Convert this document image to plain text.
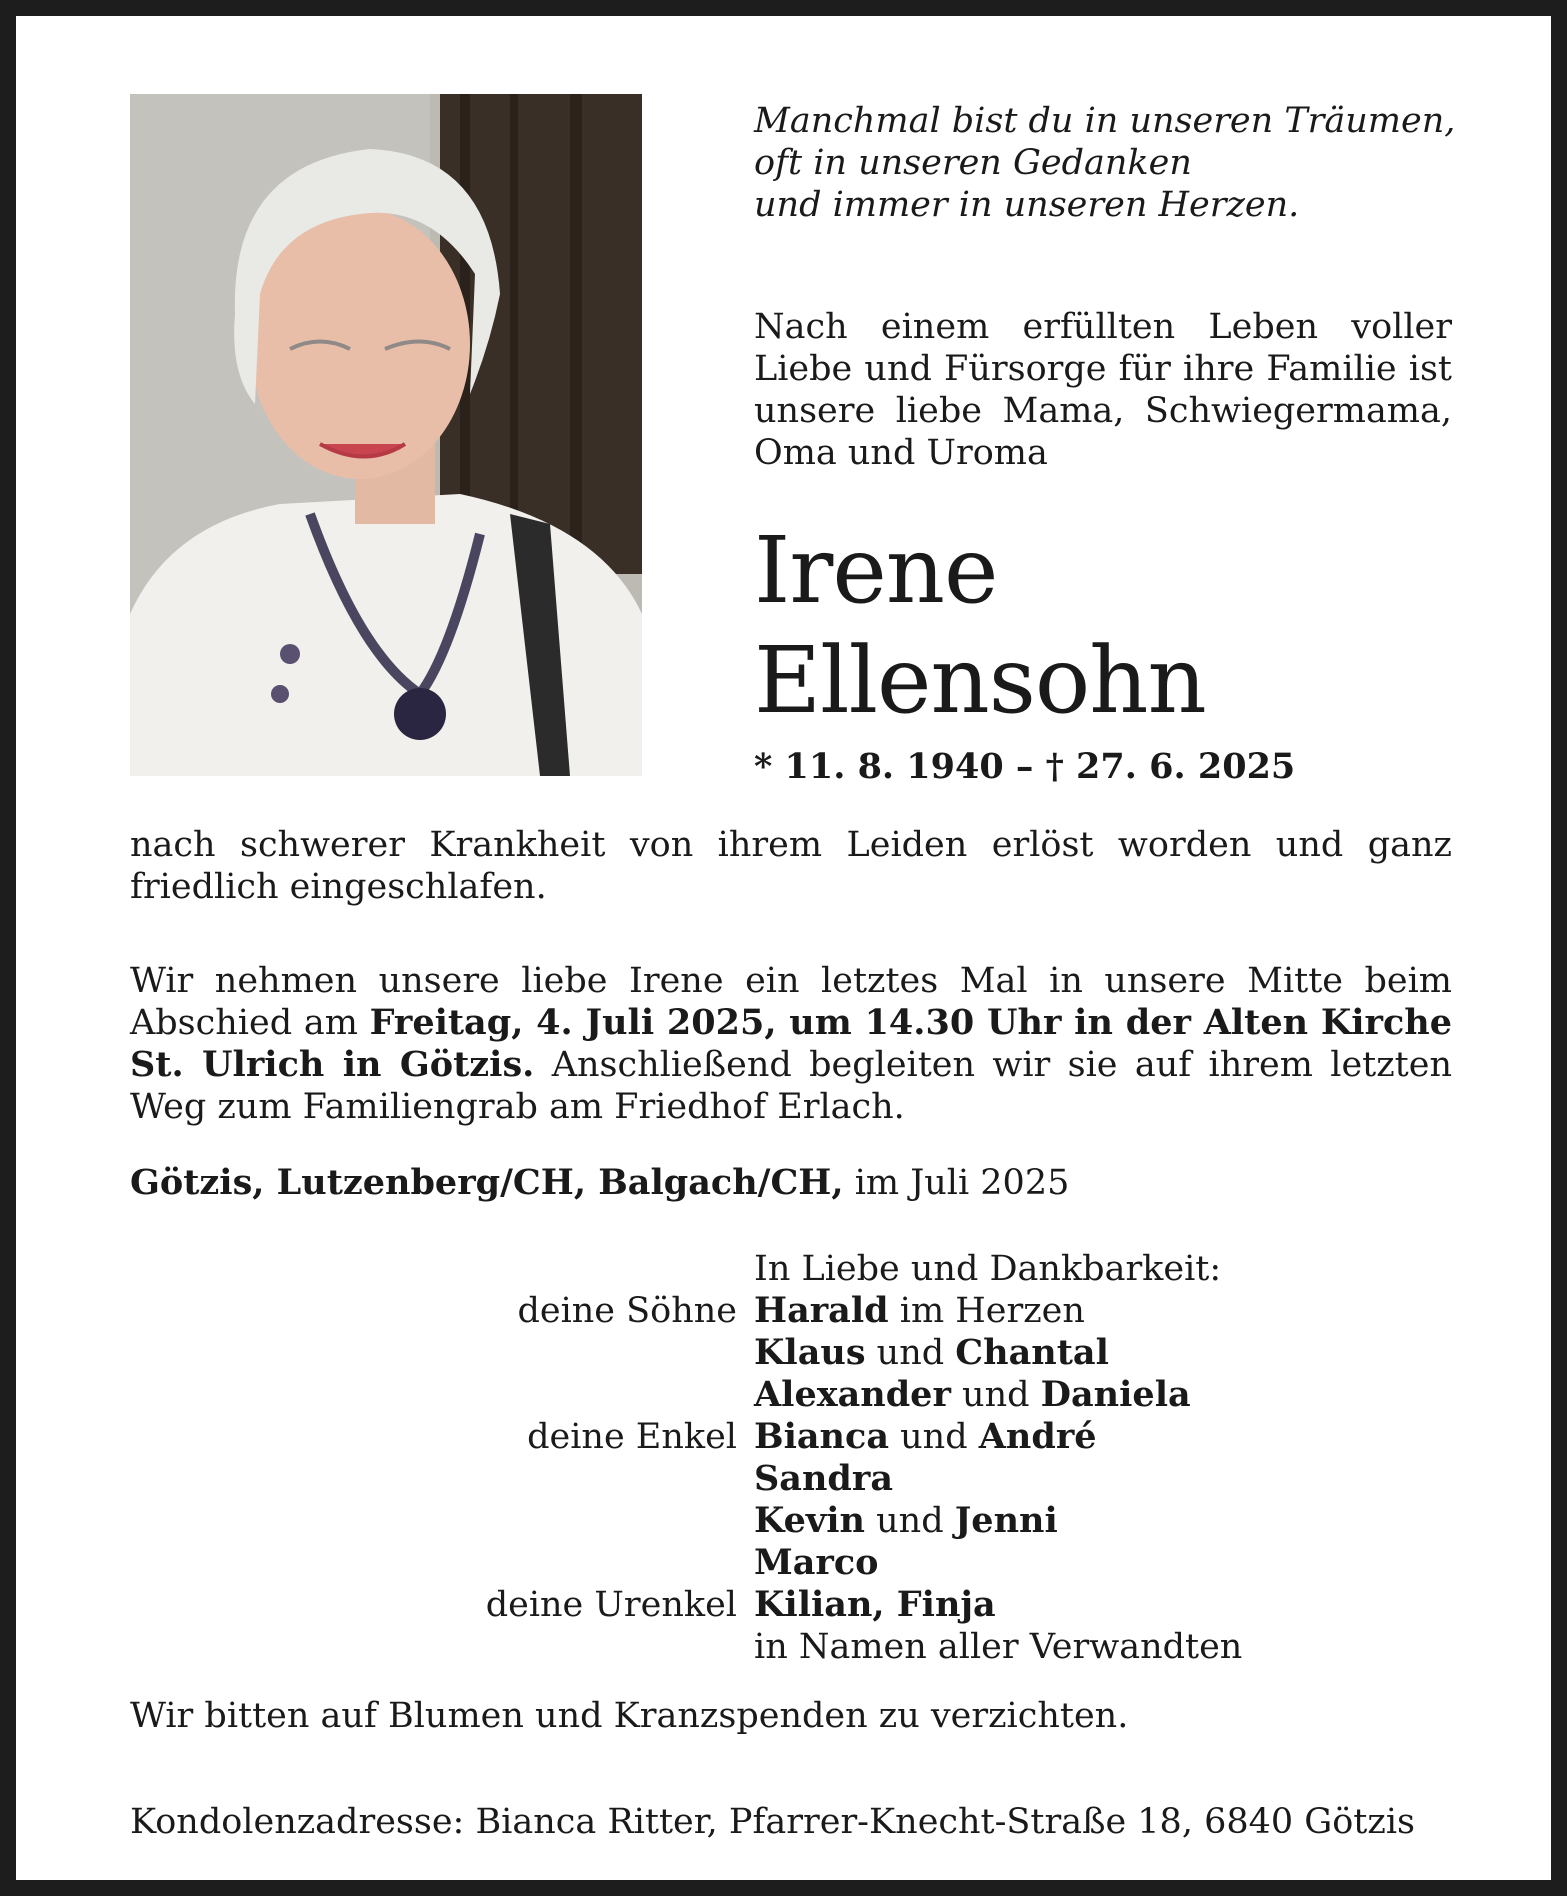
Manchmal bist du in unseren Träumen,
oft in unseren Gedanken
und immer in unseren Herzen.
Nach einem erfüllten Leben voller Liebe und Fürsorge für ihre Familie ist unsere liebe Mama, Schwiegermama, Oma und Uroma
Irene
Ellensohn
* 11. 8. 1940 – † 27. 6. 2025
nach schwerer Krankheit von ihrem Leiden erlöst worden und ganz friedlich eingeschlafen.
Wir nehmen unsere liebe Irene ein letztes Mal in unsere Mitte beim Abschied am Freitag, 4. Juli 2025, um 14.30 Uhr in der Alten Kirche St. Ulrich in Götzis. Anschließend begleiten wir sie auf ihrem letzten Weg zum Familiengrab am Friedhof Erlach.
Götzis, Lutzenberg/CH, Balgach/CH, im Juli 2025
In Liebe und Dankbarkeit:
deine Söhne Harald im Herzen
Klaus und Chantal
Alexander und Daniela
deine Enkel Bianca und André
Sandra
Kevin und Jenni
Marco
deine Urenkel Kilian, Finja
in Namen aller Verwandten
Wir bitten auf Blumen und Kranzspenden zu verzichten.
Kondolenzadresse: Bianca Ritter, Pfarrer-Knecht-Straße 18, 6840 Götzis
